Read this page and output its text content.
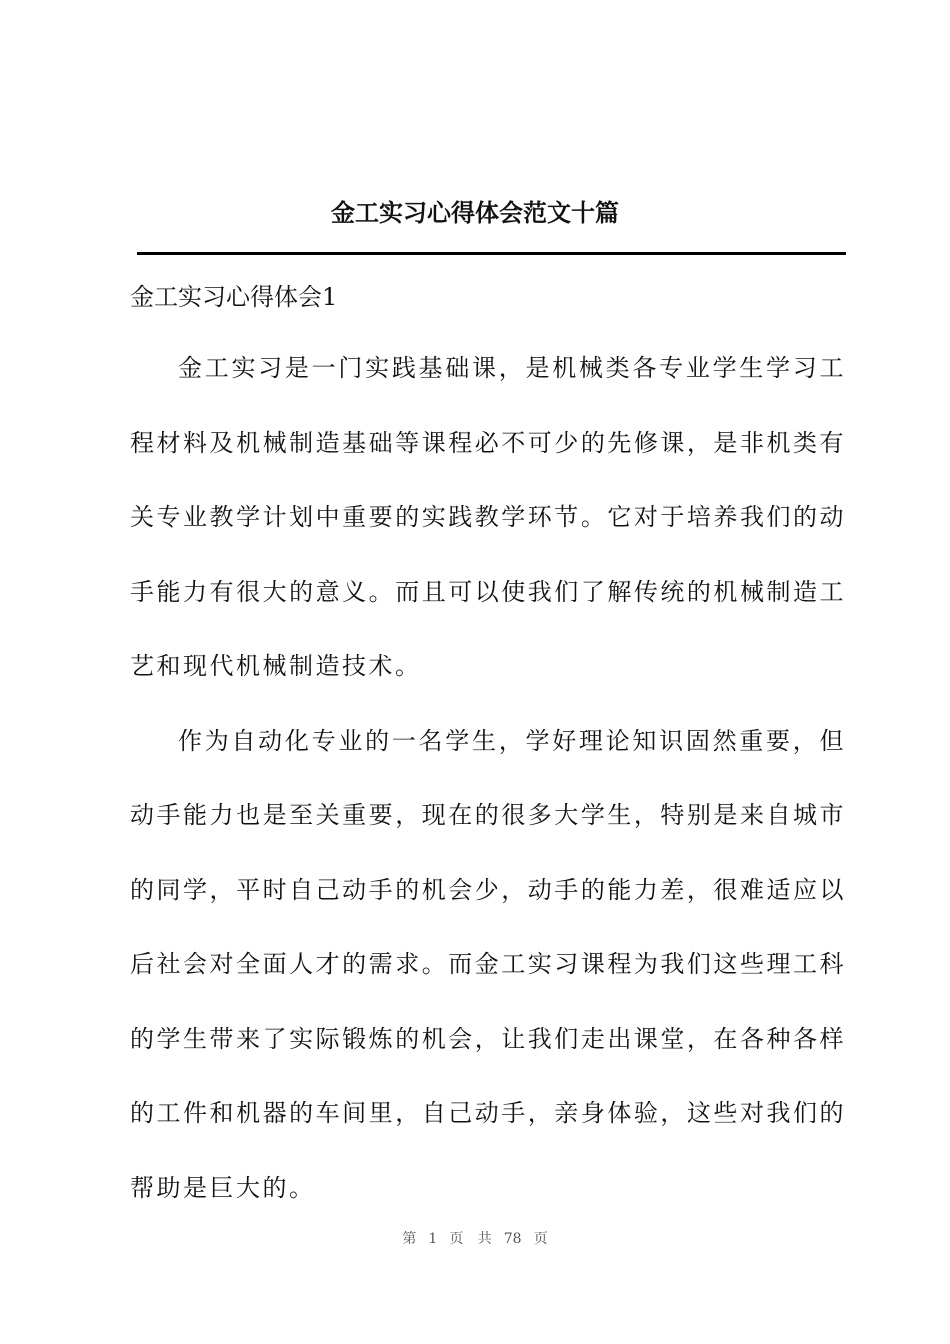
金工实习心得体会范文十篇
金工实习心得体会1

金工实习是一门实践基础课，是机械类各专业学生学习工程材料及机械制造基础等课程必不可少的先修课，是非机类有关专业教学计划中重要的实践教学环节。它对于培养我们的动手能力有很大的意义。而且可以使我们了解传统的机械制造工艺和现代机械制造技术。

作为自动化专业的一名学生，学好理论知识固然重要，但动手能力也是至关重要，现在的很多大学生，特别是来自城市的同学，平时自己动手的机会少，动手的能力差，很难适应以后社会对全面人才的需求。而金工实习课程为我们这些理工科的学生带来了实际锻炼的机会，让我们走出课堂，在各种各样的工件和机器的车间里，自己动手，亲身体验，这些对我们的帮助是巨大的。

第 1 页 共 78 页
